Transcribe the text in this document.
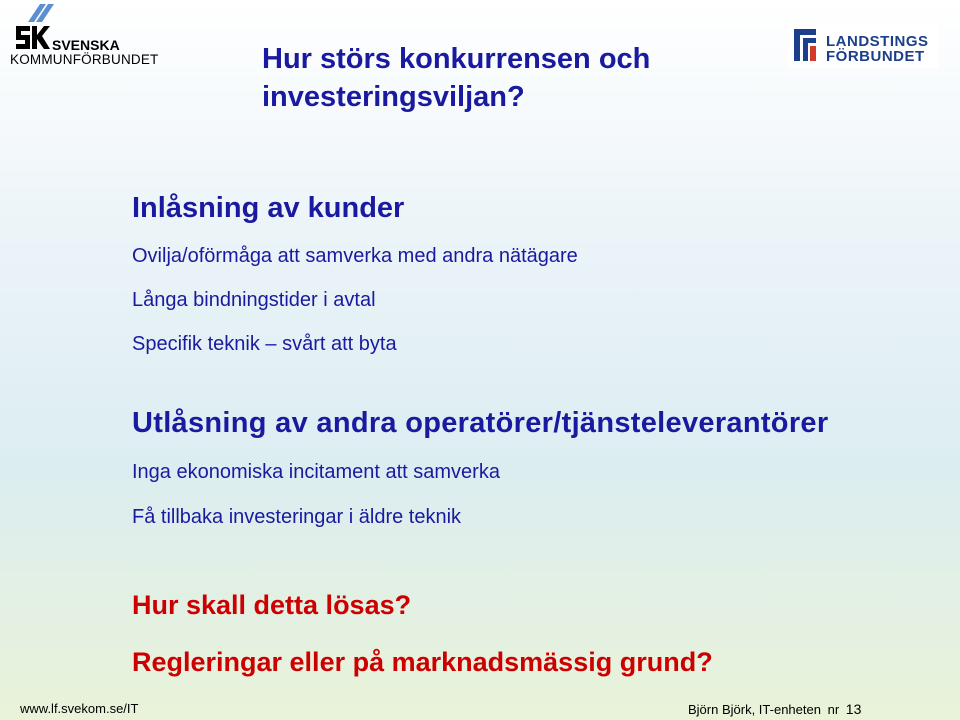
SVENSKA
KOMMUNFÖRBUNDET
LANDSTINGS
FÖRBUNDET
Hur störs konkurrensen och investeringsviljan?
Inlåsning av kunder
Ovilja/oförmåga att samverka med andra nätägare
Långa bindningstider i avtal
Specifik teknik – svårt att byta
Utlåsning av andra operatörer/tjänsteleverantörer
Inga ekonomiska incitament att samverka
Få tillbaka investeringar i äldre teknik
Hur skall detta lösas?
Regleringar eller på marknadsmässig grund?
www.lf.svekom.se/IT	Björn Björk, IT-enheten nr 13
